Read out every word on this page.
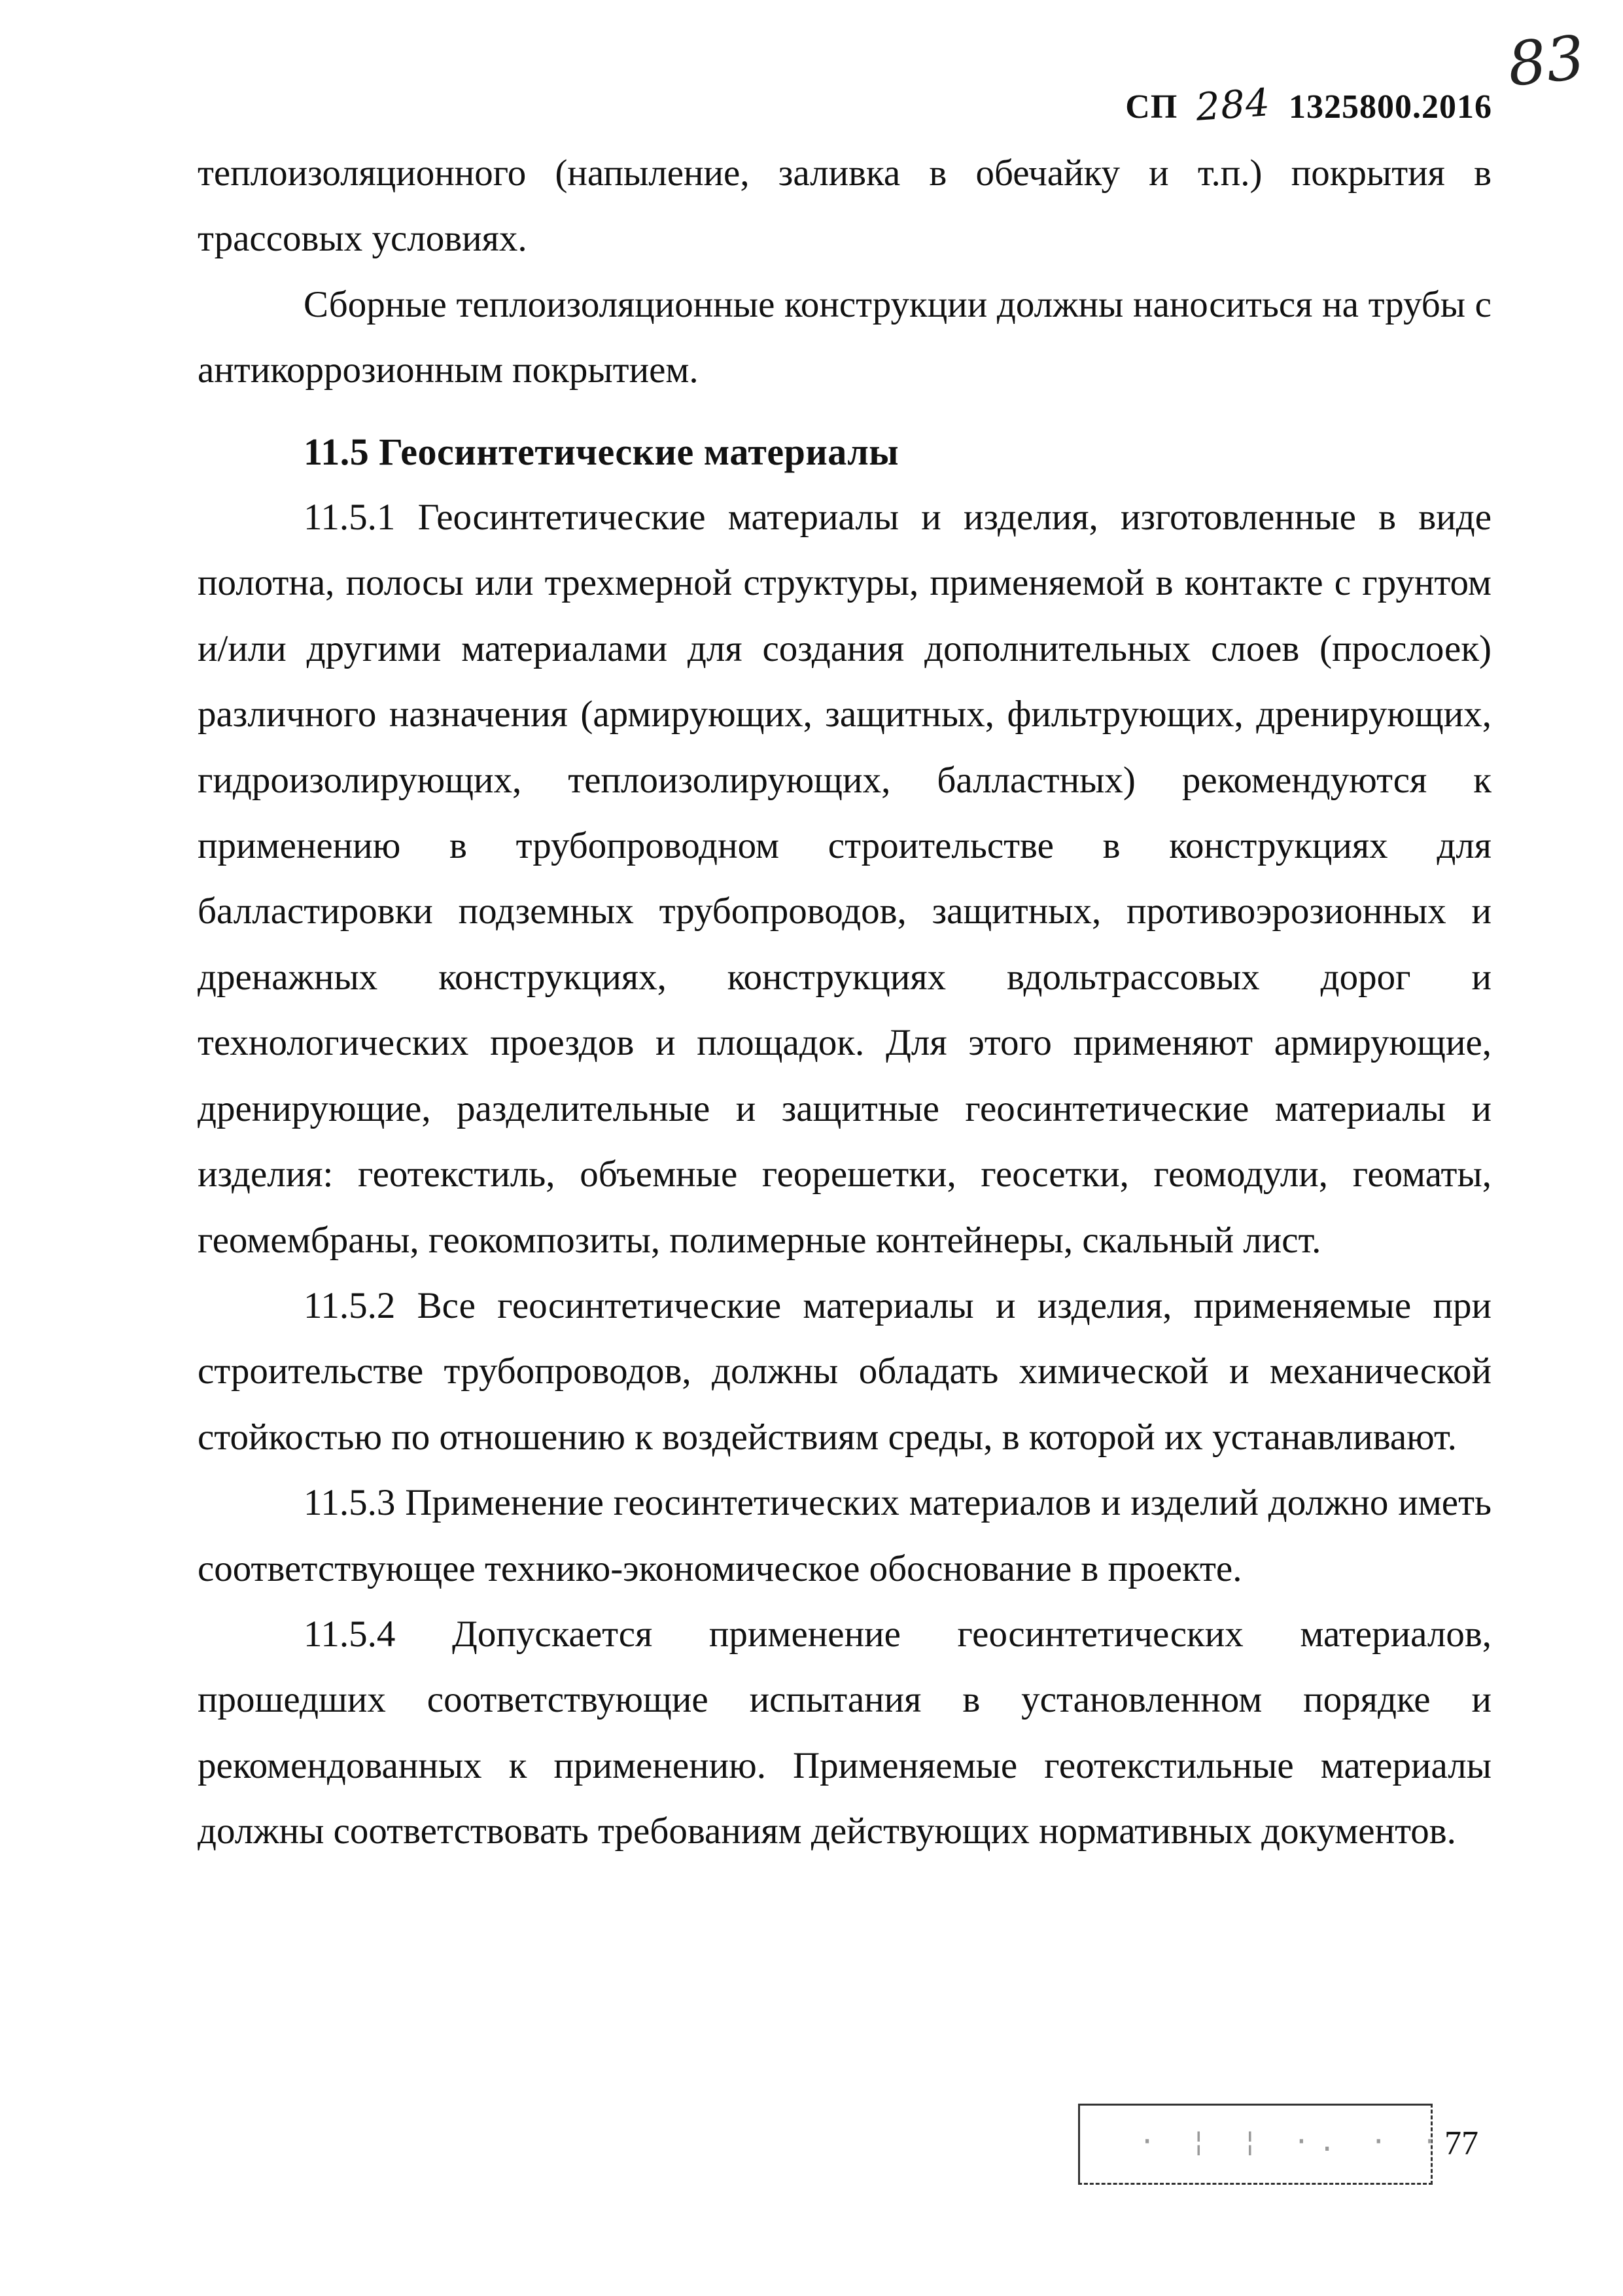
83
СП 284 1325800.2016

теплоизоляционного (напыление, заливка в обечайку и т.п.) покрытия в трассовых условиях.

Сборные теплоизоляционные конструкции должны наноситься на трубы с антикоррозионным покрытием.

11.5 Геосинтетические материалы

11.5.1 Геосинтетические материалы и изделия, изготовленные в виде полотна, полосы или трехмерной структуры, применяемой в контакте с грунтом и/или другими материалами для создания дополнительных слоев (прослоек) различного назначения (армирующих, защитных, фильтрующих, дренирующих, гидроизолирующих, теплоизолирующих, балластных) рекомендуются к применению в трубопроводном строительстве в конструкциях для балластировки подземных трубопроводов, защитных, противоэрозионных и дренажных конструкциях, конструкциях вдольтрассовых дорог и технологических проездов и площадок. Для этого применяют армирующие, дренирующие, разделительные и защитные геосинтетические материалы и изделия: геотекстиль, объемные георешетки, геосетки, геомодули, геоматы, геомембраны, геокомпозиты, полимерные контейнеры, скальный лист.

11.5.2 Все геосинтетические материалы и изделия, применяемые при строительстве трубопроводов, должны обладать химической и механической стойкостью по отношению к воздействиям среды, в которой их устанавливают.

11.5.3 Применение геосинтетических материалов и изделий должно иметь соответствующее технико-экономическое обоснование в проекте.

11.5.4 Допускается применение геосинтетических материалов, прошедших соответствующие испытания в установленном порядке и рекомендованных к применению. Применяемые геотекстильные материалы должны соответствовать требованиям действующих нормативных документов.

· ¦ ¦ ·. · ·
77
